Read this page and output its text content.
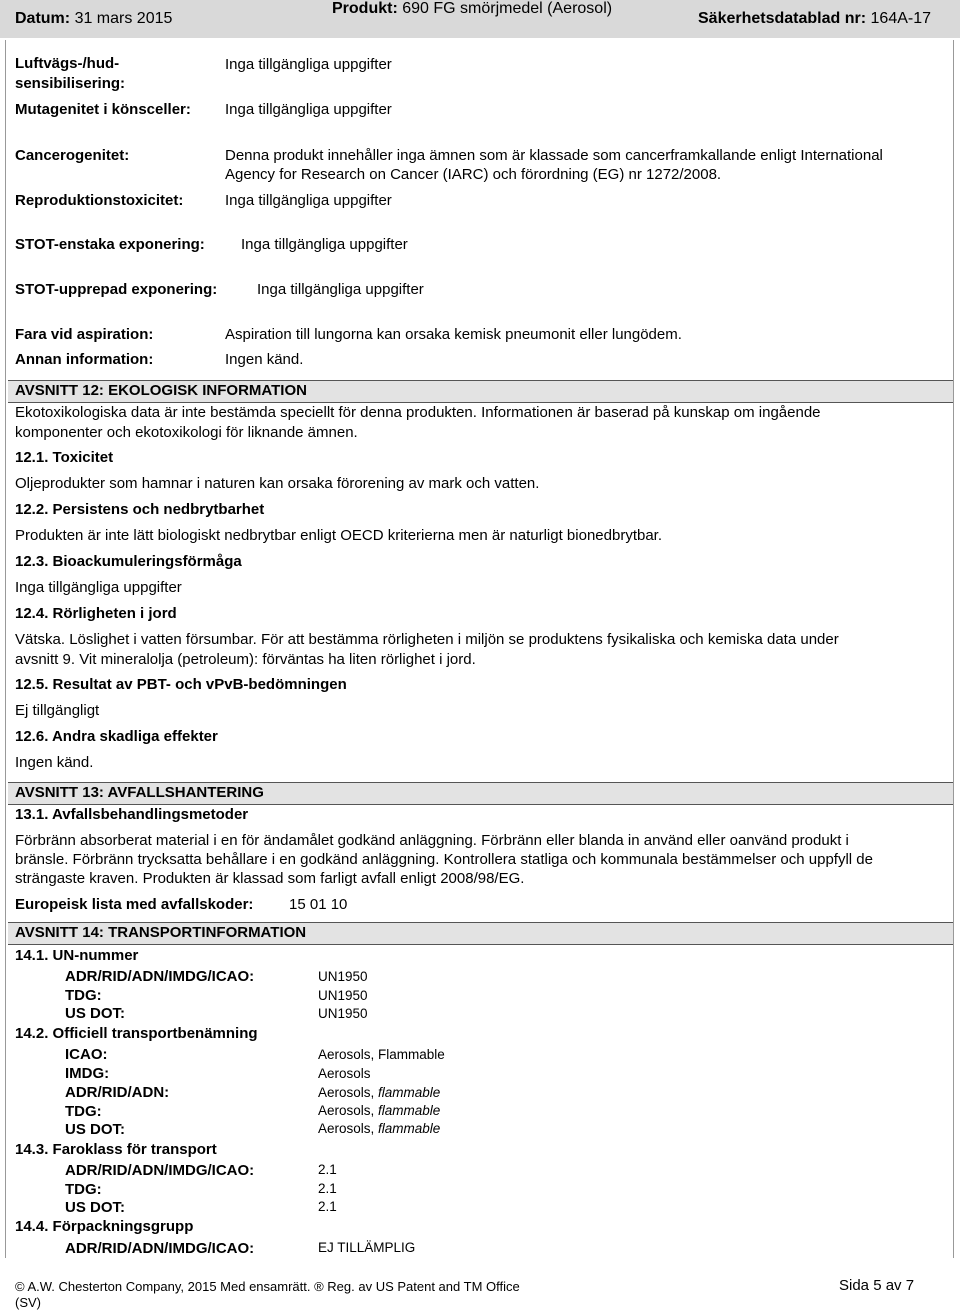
Datum: 31 mars 2015
Produkt: 690 FG smörjmedel (Aerosol)
Säkerhetsdatablad nr: 164A-17
Luftvägs-/hud-
sensibilisering:
Inga tillgängliga uppgifter
Mutagenitet i könsceller: Inga tillgängliga uppgifter
Cancerogenitet:	Denna produkt innehåller inga ämnen som är klassade som cancerframkallande enligt International
Agency for Research on Cancer (IARC) och förordning (EG) nr 1272/2008.
Reproduktionstoxicitet:	Inga tillgängliga uppgifter
STOT-enstaka exponering: Inga tillgängliga uppgifter
STOT-upprepad exponering:	Inga tillgängliga uppgifter
Fara vid aspiration:	Aspiration till lungorna kan orsaka kemisk pneumonit eller lungödem.
Annan information:	Ingen känd.
AVSNITT 12: EKOLOGISK INFORMATION
Ekotoxikologiska data är inte bestämda speciellt för denna produkten. Informationen är baserad på kunskap om ingående
komponenter och ekotoxikologi för liknande ämnen.
12.1. Toxicitet
Oljeprodukter som hamnar i naturen kan orsaka förorening av mark och vatten.
12.2. Persistens och nedbrytbarhet
Produkten är inte lätt biologiskt nedbrytbar enligt OECD kriterierna men är naturligt bionedbrytbar.
12.3. Bioackumuleringsförmåga
Inga tillgängliga uppgifter
12.4. Rörligheten i jord
Vätska. Löslighet i vatten försumbar. För att bestämma rörligheten i miljön se produktens fysikaliska och kemiska data under
avsnitt 9. Vit mineralolja (petroleum): förväntas ha liten rörlighet i jord.
12.5. Resultat av PBT- och vPvB-bedömningen
Ej tillgängligt
12.6. Andra skadliga effekter
Ingen känd.
AVSNITT 13: AVFALLSHANTERING
13.1. Avfallsbehandlingsmetoder
Förbränn absorberat material i en för ändamålet godkänd anläggning. Förbränn eller blanda in använd eller oanvänd produkt i
bränsle. Förbränn trycksatta behållare i en godkänd anläggning. Kontrollera statliga och kommunala bestämmelser och uppfyll de
strängaste kraven. Produkten är klassad som farligt avfall enligt 2008/98/EG.
Europeisk lista med avfallskoder: 15 01 10
AVSNITT 14: TRANSPORTINFORMATION
14.1. UN-nummer
ADR/RID/ADN/IMDG/ICAO:	UN1950
TDG:	UN1950
US DOT:	UN1950
14.2. Officiell transportbenämning
ICAO:	Aerosols, Flammable
IMDG:	Aerosols
ADR/RID/ADN:	Aerosols, flammable
TDG:	Aerosols, flammable
US DOT:	Aerosols, flammable
14.3. Faroklass för transport
ADR/RID/ADN/IMDG/ICAO:	2.1
TDG:	2.1
US DOT:	2.1
14.4. Förpackningsgrupp
ADR/RID/ADN/IMDG/ICAO:	EJ TILLÄMPLIG
© A.W. Chesterton Company, 2015 Med ensamrätt. ® Reg. av US Patent and TM Office
(SV)
Sida 5 av 7
